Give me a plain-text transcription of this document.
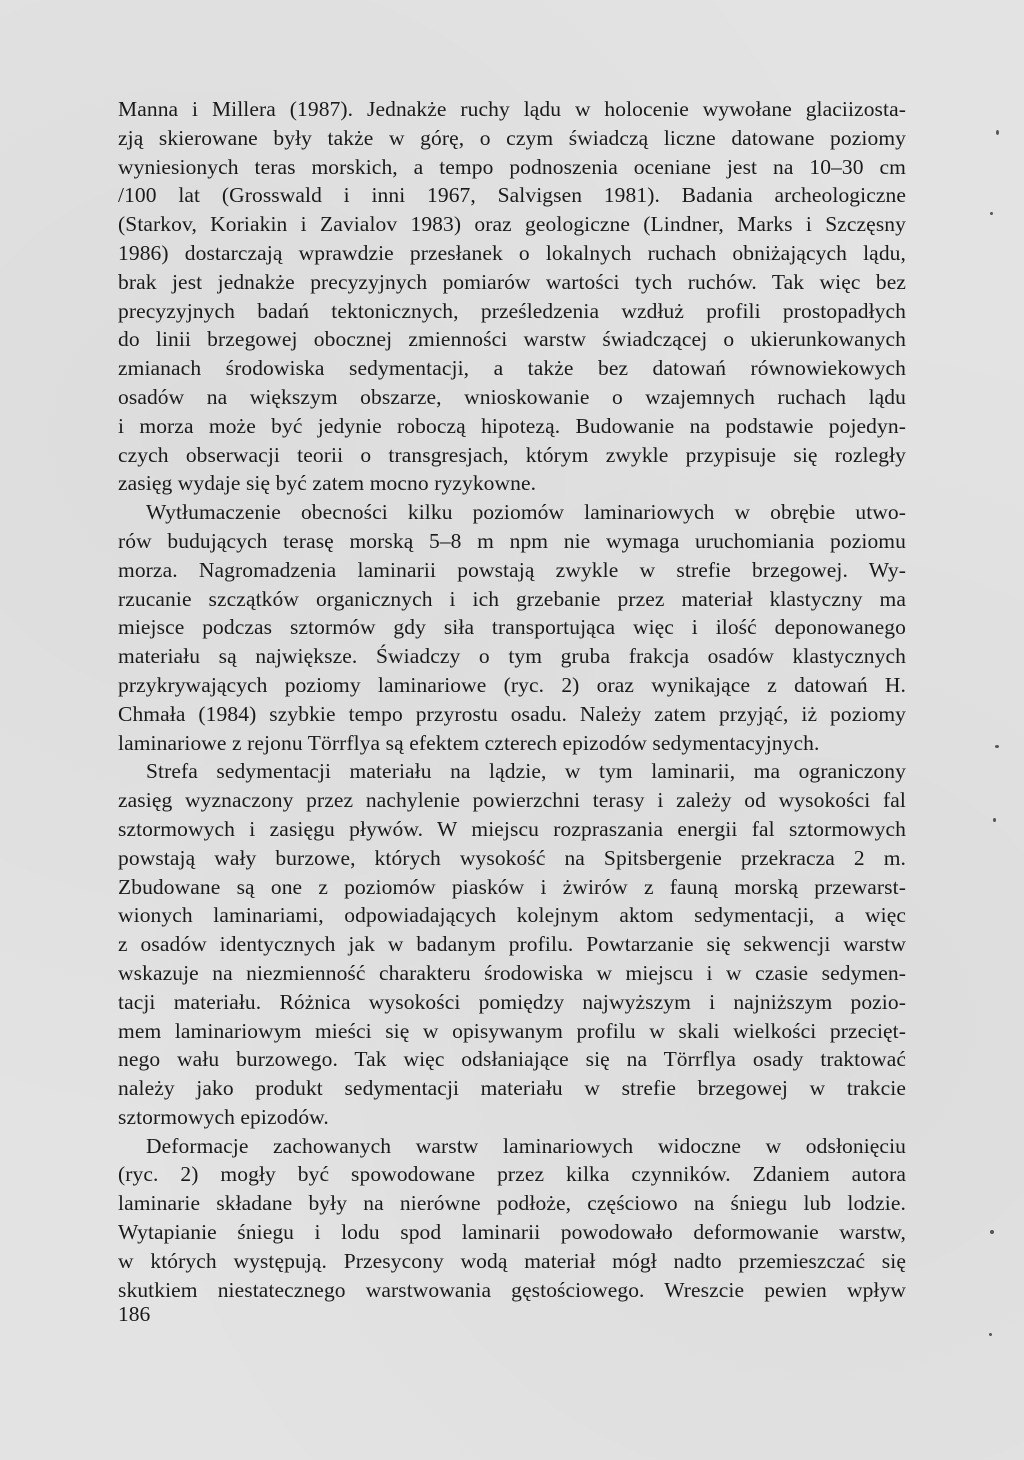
Manna i Millera (1987). Jednakże ruchy lądu w holocenie wywołane glaciizosta-
zją skierowane były także w górę, o czym świadczą liczne datowane poziomy
wyniesionych teras morskich, a tempo podnoszenia oceniane jest na 10–30 cm
/100 lat (Grosswald i inni 1967, Salvigsen 1981). Badania archeologiczne
(Starkov, Koriakin i Zavialov 1983) oraz geologiczne (Lindner, Marks i Szczęsny
1986) dostarczają wprawdzie przesłanek o lokalnych ruchach obniżających lądu,
brak jest jednakże precyzyjnych pomiarów wartości tych ruchów. Tak więc bez
precyzyjnych badań tektonicznych, prześledzenia wzdłuż profili prostopadłych
do linii brzegowej obocznej zmienności warstw świadczącej o ukierunkowanych
zmianach środowiska sedymentacji, a także bez datowań równowiekowych
osadów na większym obszarze, wnioskowanie o wzajemnych ruchach lądu
i morza może być jedynie roboczą hipotezą. Budowanie na podstawie pojedyn-
czych obserwacji teorii o transgresjach, którym zwykle przypisuje się rozległy
zasięg wydaje się być zatem mocno ryzykowne.
Wytłumaczenie obecności kilku poziomów laminariowych w obrębie utwo-
rów budujących terasę morską 5–8 m npm nie wymaga uruchomiania poziomu
morza. Nagromadzenia laminarii powstają zwykle w strefie brzegowej. Wy-
rzucanie szczątków organicznych i ich grzebanie przez materiał klastyczny ma
miejsce podczas sztormów gdy siła transportująca więc i ilość deponowanego
materiału są największe. Świadczy o tym gruba frakcja osadów klastycznych
przykrywających poziomy laminariowe (ryc. 2) oraz wynikające z datowań H.
Chmała (1984) szybkie tempo przyrostu osadu. Należy zatem przyjąć, iż poziomy
laminariowe z rejonu Törrflya są efektem czterech epizodów sedymentacyjnych.
Strefa sedymentacji materiału na lądzie, w tym laminarii, ma ograniczony
zasięg wyznaczony przez nachylenie powierzchni terasy i zależy od wysokości fal
sztormowych i zasięgu pływów. W miejscu rozpraszania energii fal sztormowych
powstają wały burzowe, których wysokość na Spitsbergenie przekracza 2 m.
Zbudowane są one z poziomów piasków i żwirów z fauną morską przewarst-
wionych laminariami, odpowiadających kolejnym aktom sedymentacji, a więc
z osadów identycznych jak w badanym profilu. Powtarzanie się sekwencji warstw
wskazuje na niezmienność charakteru środowiska w miejscu i w czasie sedymen-
tacji materiału. Różnica wysokości pomiędzy najwyższym i najniższym pozio-
mem laminariowym mieści się w opisywanym profilu w skali wielkości przecięt-
nego wału burzowego. Tak więc odsłaniające się na Törrflya osady traktować
należy jako produkt sedymentacji materiału w strefie brzegowej w trakcie
sztormowych epizodów.
Deformacje zachowanych warstw laminariowych widoczne w odsłonięciu
(ryc. 2) mogły być spowodowane przez kilka czynników. Zdaniem autora
laminarie składane były na nierówne podłoże, częściowo na śniegu lub lodzie.
Wytapianie śniegu i lodu spod laminarii powodowało deformowanie warstw,
w których występują. Przesycony wodą materiał mógł nadto przemieszczać się
skutkiem niestatecznego warstwowania gęstościowego. Wreszcie pewien wpływ
186
